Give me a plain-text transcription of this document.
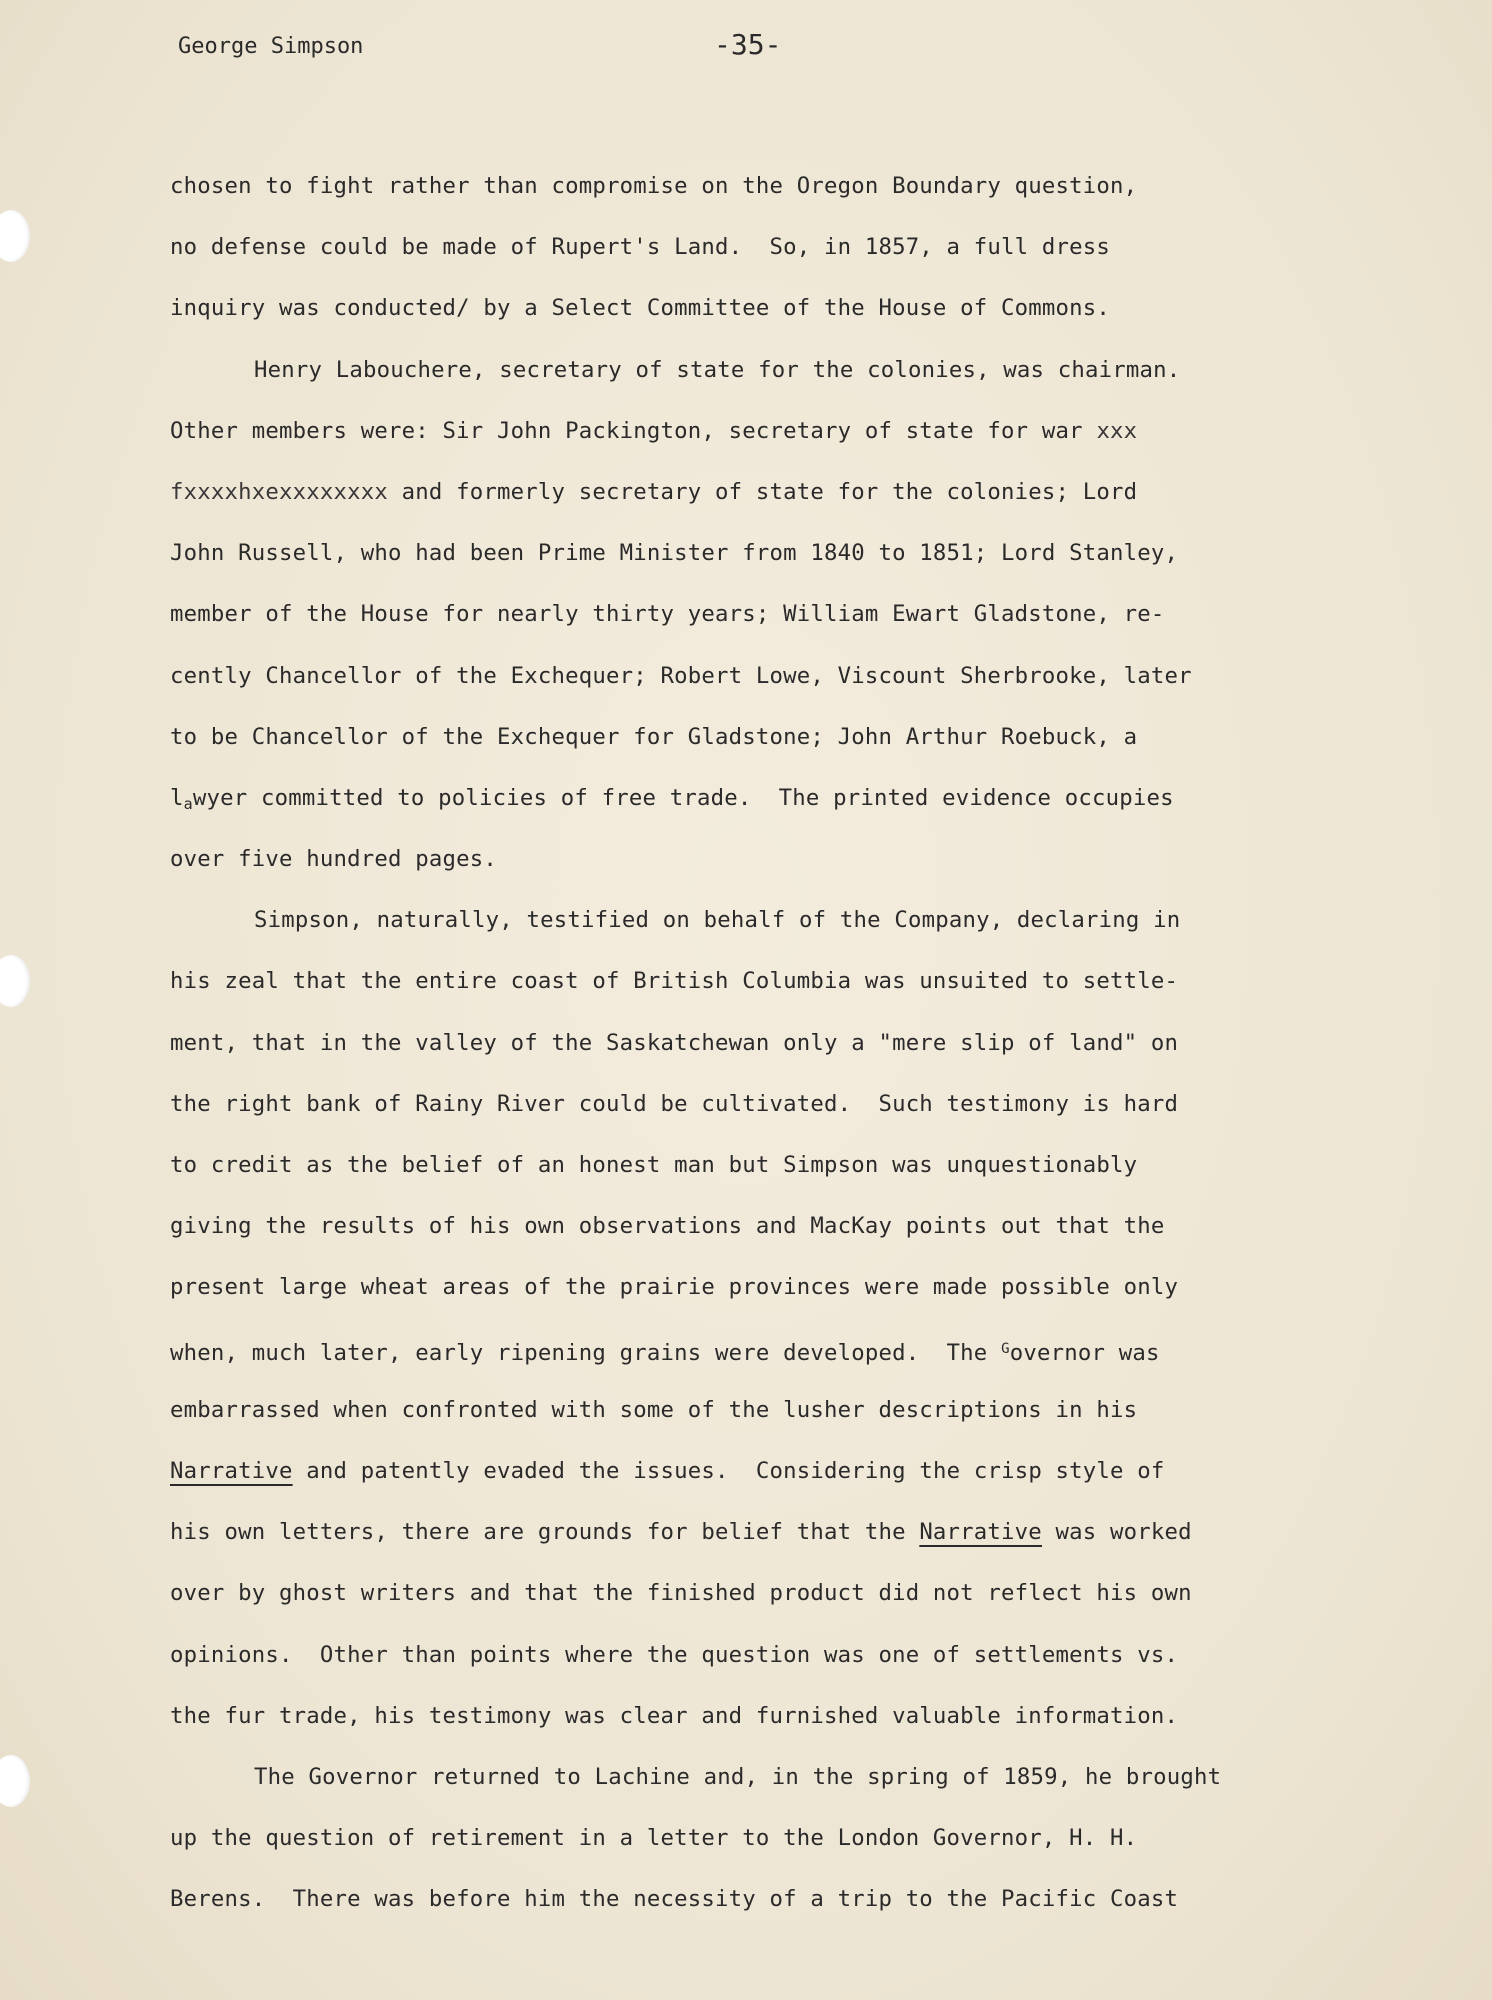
George Simpson	-35-
chosen to fight rather than compromise on the Oregon Boundary question,
no defense could be made of Rupert's Land.  So, in 1857, a full dress
inquiry was conducted/ by a Select Committee of the House of Commons.
Henry Labouchere, secretary of state for the colonies, was chairman.
Other members were: Sir John Packington, secretary of state for war xxx
fxxxxhxexxxxxxxx and formerly secretary of state for the colonies; Lord
John Russell, who had been Prime Minister from 1840 to 1851; Lord Stanley,
member of the House for nearly thirty years; William Ewart Gladstone, re-
cently Chancellor of the Exchequer; Robert Lowe, Viscount Sherbrooke, later
to be Chancellor of the Exchequer for Gladstone; John Arthur Roebuck, a
$l_awyer$ committed to policies of free trade.  The printed evidence occupies
over five hundred pages.
Simpson, naturally, testified on behalf of the Company, declaring in
his zeal that the entire coast of British Columbia was unsuited to settle-
ment, that in the valley of the Saskatchewan only a "mere slip of land" on
the right bank of Rainy River could be cultivated.  Such testimony is hard
to credit as the belief of an honest man but Simpson was unquestionably
giving the results of his own observations and MacKay points out that the
present large wheat areas of the prairie provinces were made possible only
when, much later, early ripening grains were developed.  The $^G$overnor was
embarrassed when confronted with some of the lusher descriptions in his
Narrative and patently evaded the issues.  Considering the crisp style of
his own letters, there are grounds for belief that the Narrative was worked
over by ghost writers and that the finished product did not reflect his own
opinions.  Other than points where the question was one of settlements vs.
the fur trade, his testimony was clear and furnished valuable information.
The Governor returned to Lachine and, in the spring of 1859, he brought
up the question of retirement in a letter to the London Governor, H. H.
Berens.  There was before him the necessity of a trip to the Pacific Coast
